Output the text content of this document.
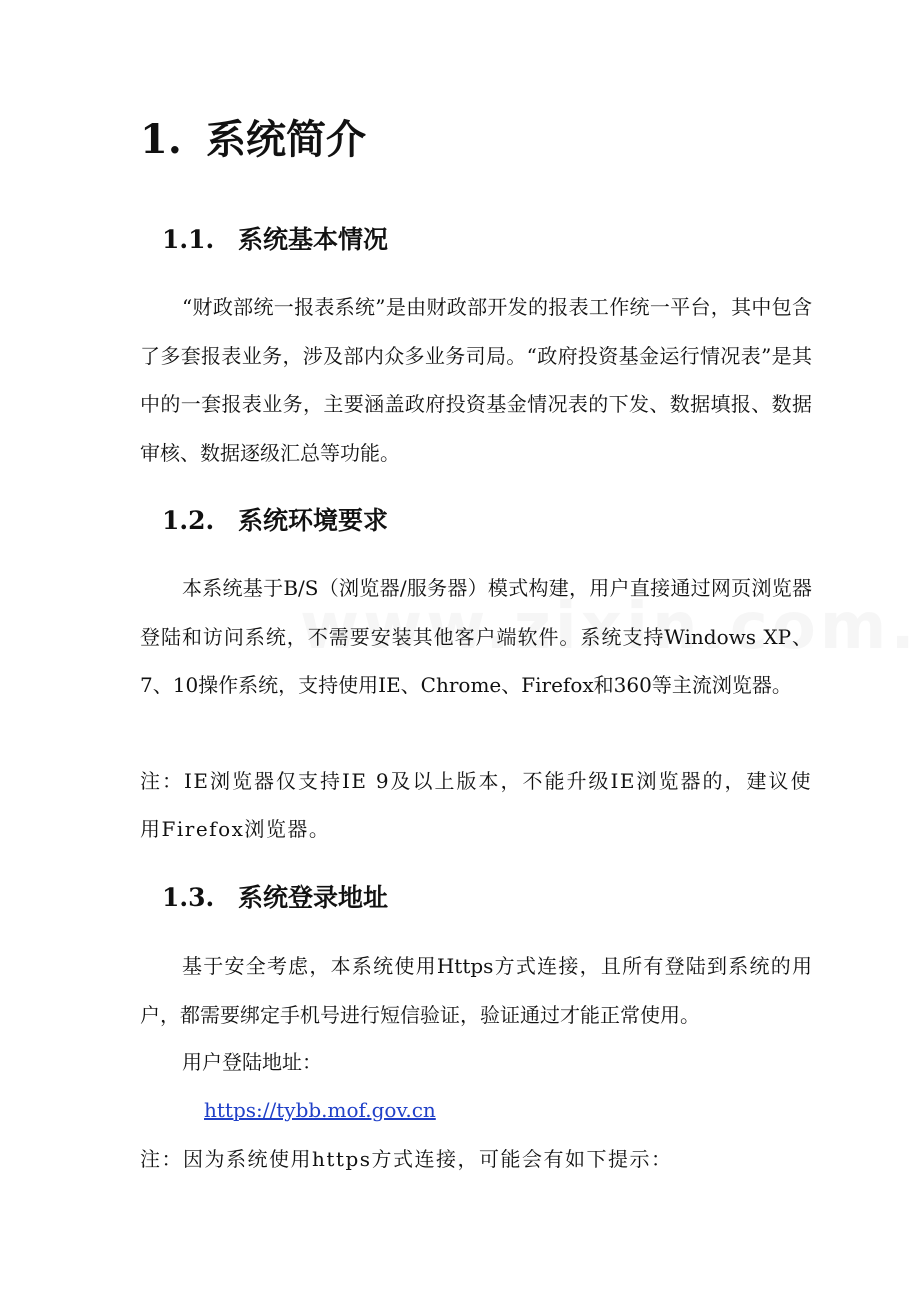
1. 系统简介
1.1. 系统基本情况

“财政部统一报表系统”是由财政部开发的报表工作统一平台，其中包含了多套报表业务，涉及部内众多业务司局。“政府投资基金运行情况表”是其中的一套报表业务，主要涵盖政府投资基金情况表的下发、数据填报、数据审核、数据逐级汇总等功能。

1.2. 系统环境要求

本系统基于B/S（浏览器/服务器）模式构建，用户直接通过网页浏览器登陆和访问系统，不需要安装其他客户端软件。系统支持Windows XP、7、10操作系统，支持使用IE、Chrome、Firefox和360等主流浏览器。

注：IE浏览器仅支持IE 9及以上版本，不能升级IE浏览器的，建议使用Firefox浏览器。

1.3. 系统登录地址

基于安全考虑，本系统使用Https方式连接，且所有登陆到系统的用户，都需要绑定手机号进行短信验证，验证通过才能正常使用。

用户登陆地址：
https://tybb.mof.gov.cn

注：因为系统使用https方式连接，可能会有如下提示：
